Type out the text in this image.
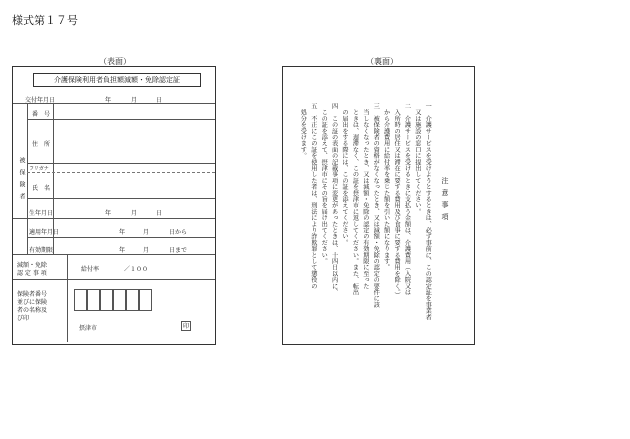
様式第１７号
（表面）	（裏面）
介護保険利用者負担額減額・免除認定証
交付年月日	年	月	日
被保険者
番　号
住　所
フリガナ
氏　名
生年月日	年	月	日
適用年月日	年	月	日から
有効期限	年	月	日まで
減額・免除
認 定 事 項
給付率	／１００
保険者番号
並びに保険
者の名称及
び印
摂津市	印
注意事項
一　介護サービスを受けようとするときは、必ず事前に、この認定証を事業者
　又は施設の窓口に提出してください。
二　介護サービスを受けるときに支払う金額は、介護費用（入院又は
　入所時の居住又は滞在に要する費用及び食事に要する費用を除く。）
　から介護費用に給付率を乗じた額を引いた額になります。
三　被保険者の資格がなくなったとき、又は減額・免除の認定の要件に該
　当しなくなったとき、又は減額・免除の認定の有効期限に至った
　ときは、遅滞なく、この証を摂津市に返してください。また、転出
　の届出をする際には、この証を添えてください。
四　この証の表面の記載事項に変更があったときは、十四日以内に、
　この証を添えて、摂津市にその旨を届け出てください。
五　不正にこの証を使用した者は、刑法により詐欺罪として懲役の
　処分を受けます。
